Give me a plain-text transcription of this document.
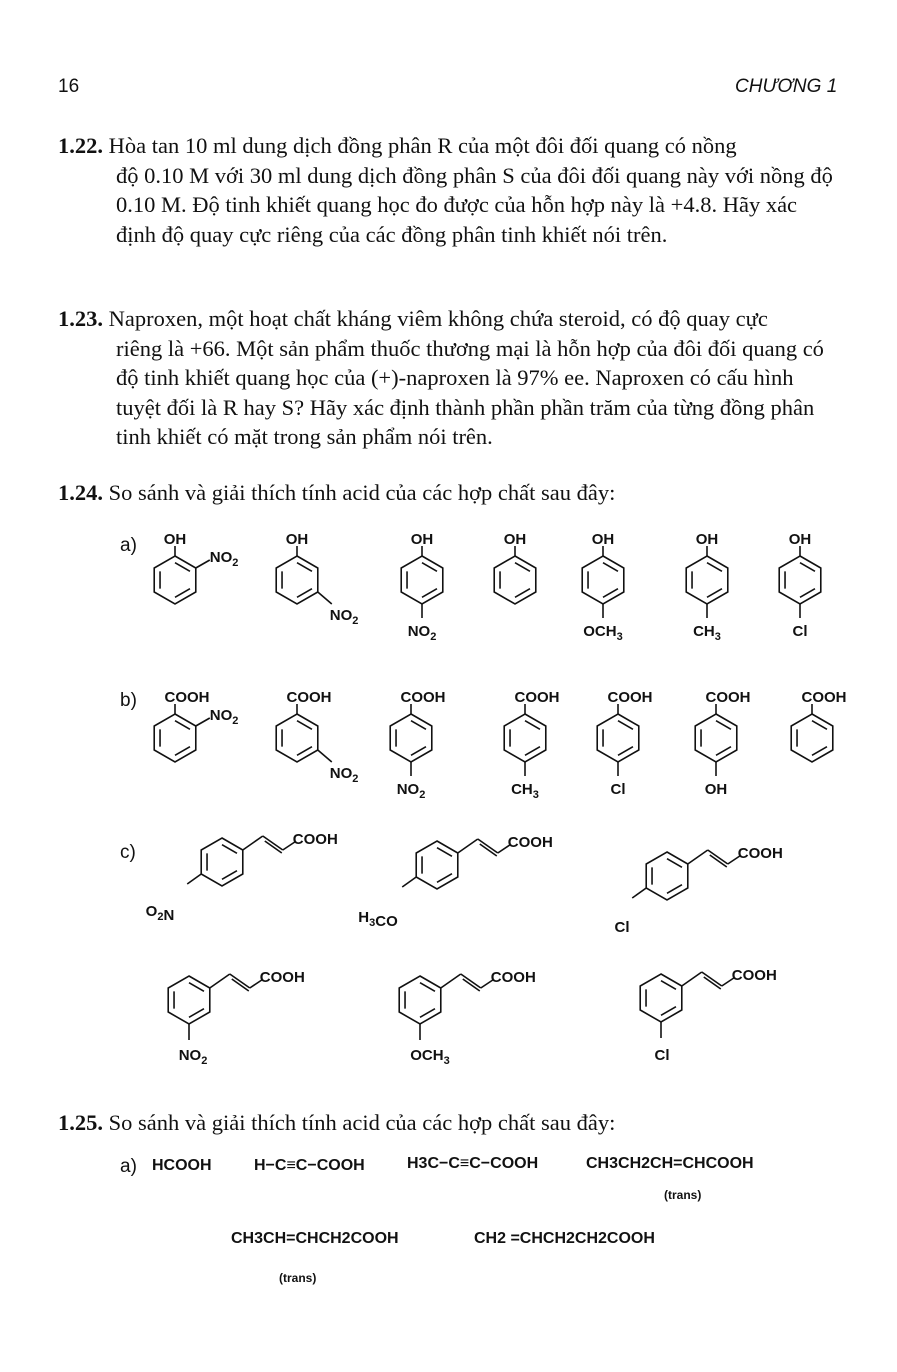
16	CHƯƠNG 1
1.22. Hòa tan 10 ml dung dịch đồng phân R của một đôi đối quang có nồng
độ 0.10 M với 30 ml dung dịch đồng phân S của đôi đối quang này với nồng độ 0.10 M. Độ tinh khiết quang học đo được của hỗn hợp này là +4.8. Hãy xác định độ quay cực riêng của các đồng phân tinh khiết nói trên.
1.23. Naproxen, một hoạt chất kháng viêm không chứa steroid, có độ quay cực
riêng là +66. Một sản phẩm thuốc thương mại là hỗn hợp của đôi đối quang có độ tinh khiết quang học của (+)-naproxen là 97% ee. Naproxen có cấu hình tuyệt đối là R hay S? Hãy xác định thành phần phần trăm của từng đồng phân tinh khiết có mặt trong sản phẩm nói trên.
1.24. So sánh và giải thích tính acid của các hợp chất sau đây:
a)
b)
c)
OH
$NO_2$
OH
$NO_2$
OH
$NO_2$
OH	OH
$OCH_3$
OH
$CH_3$
OH
Cl
COOH
$NO_2$
COOH
$NO_2$
COOH
$NO_2$
COOH
$CH_3$
COOH
Cl
COOH
OH
COOH
COOH
$O_2N$
COOH
$H_3CO$
COOH
Cl
COOH
$NO_2$
COOH
$OCH_3$
COOH
Cl
1.25. So sánh và giải thích tính acid của các hợp chất sau đây:
a) HCOOH	H−C≡C−COOH	H3C−C≡C−COOH	CH3CH2CH=CHCOOH
(trans)
CH3CH=CHCH2COOH	CH2 =CHCH2CH2COOH
(trans)
